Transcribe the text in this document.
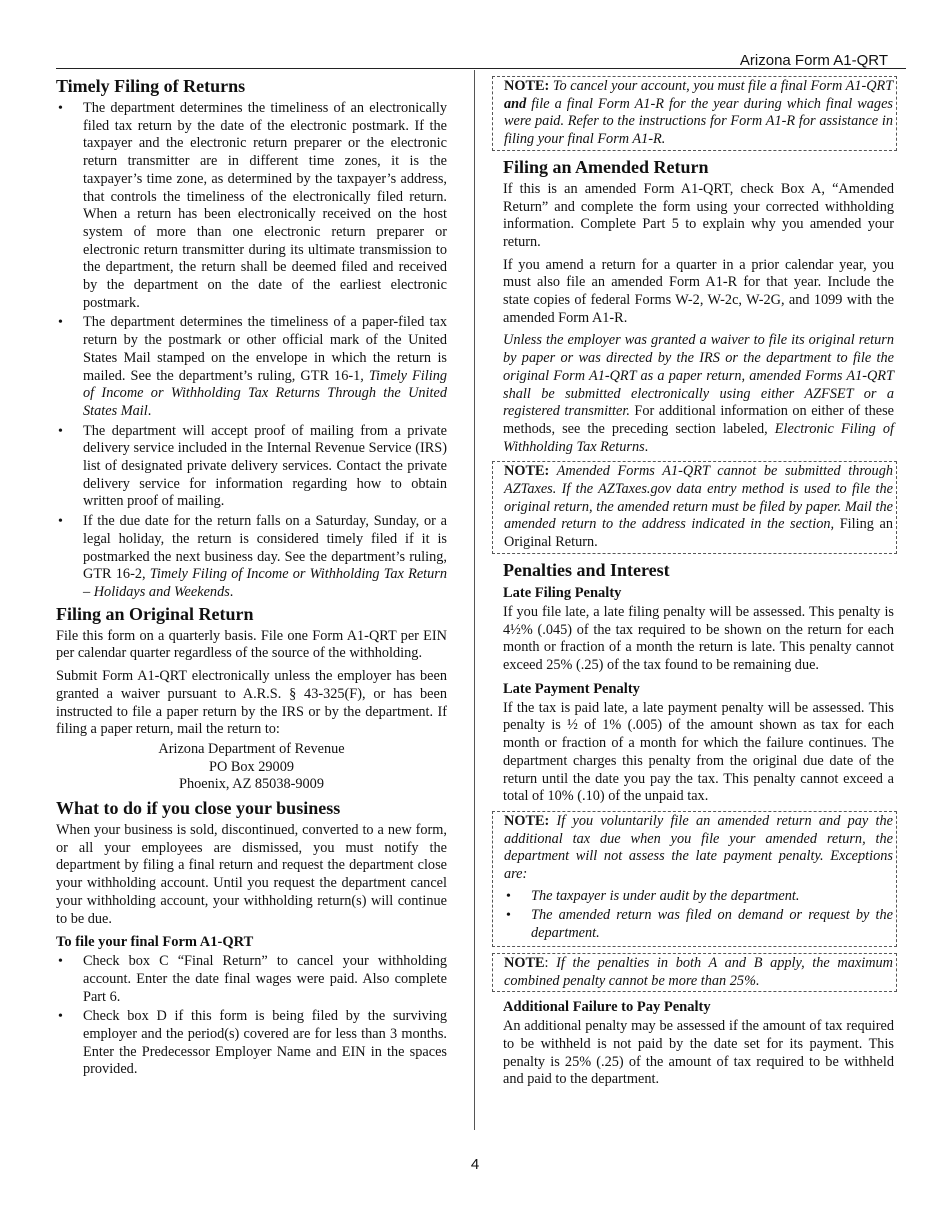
Arizona Form A1-QRT
Timely Filing of Returns
• The department determines the timeliness of an electronically filed tax return by the date of the electronic postmark. If the taxpayer and the electronic return preparer or the electronic return transmitter are in different time zones, it is the taxpayer’s time zone, as determined by the taxpayer’s address, that controls the timeliness of the electronically filed return. When a return has been electronically received on the host system of more than one electronic return preparer or electronic return transmitter during its ultimate transmission to the department, the return shall be deemed filed and received by the department on the date of the earliest electronic postmark.
• The department determines the timeliness of a paper-filed tax return by the postmark or other official mark of the United States Mail stamped on the envelope in which the return is mailed. See the department’s ruling, GTR 16-1, Timely Filing of Income or Withholding Tax Returns Through the United States Mail.
• The department will accept proof of mailing from a private delivery service included in the Internal Revenue Service (IRS) list of designated private delivery services. Contact the private delivery service for information regarding how to obtain written proof of mailing.
• If the due date for the return falls on a Saturday, Sunday, or a legal holiday, the return is considered timely filed if it is postmarked the next business day. See the department’s ruling, GTR 16-2, Timely Filing of Income or Withholding Tax Return – Holidays and Weekends.
Filing an Original Return

File this form on a quarterly basis. File one Form A1-QRT per EIN per calendar quarter regardless of the source of the withholding.

Submit Form A1-QRT electronically unless the employer has been granted a waiver pursuant to A.R.S. § 43-325(F), or has been instructed to file a paper return by the IRS or by the department. If filing a paper return, mail the return to:

Arizona Department of Revenue
PO Box 29009
Phoenix, AZ 85038-9009
What to do if you close your business

When your business is sold, discontinued, converted to a new form, or all your employees are dismissed, you must notify the department by filing a final return and request the department close your withholding account. Until you request the department cancel your withholding account, your withholding return(s) will continue to be due.

To file your final Form A1-QRT
• Check box C “Final Return” to cancel your withholding account. Enter the date final wages were paid. Also complete Part 6.
• Check box D if this form is being filed by the surviving employer and the period(s) covered are for less than 3 months. Enter the Predecessor Employer Name and EIN in the spaces provided.

NOTE: To cancel your account, you must file a final Form A1-QRT and file a final Form A1-R for the year during which final wages were paid. Refer to the instructions for Form A1-R for assistance in filing your final Form A1-R.

Filing an Amended Return

If this is an amended Form A1-QRT, check Box A, “Amended Return” and complete the form using your corrected withholding information. Complete Part 5 to explain why you amended your return.

If you amend a return for a quarter in a prior calendar year, you must also file an amended Form A1-R for that year. Include the state copies of federal Forms W-2, W-2c, W-2G, and 1099 with the amended Form A1-R.

Unless the employer was granted a waiver to file its original return by paper or was directed by the IRS or the department to file the original Form A1-QRT as a paper return, amended Forms A1-QRT shall be submitted electronically using either AZFSET or a registered transmitter. For additional information on either of these methods, see the preceding section labeled, Electronic Filing of Withholding Tax Returns.

NOTE: Amended Forms A1-QRT cannot be submitted through AZTaxes. If the AZTaxes.gov data entry method is used to file the original return, the amended return must be filed by paper. Mail the amended return to the address indicated in the section, Filing an Original Return.

Penalties and Interest
Late Filing Penalty

If you file late, a late filing penalty will be assessed. This penalty is 4½% (.045) of the tax required to be shown on the return for each month or fraction of a month the return is late. This penalty cannot exceed 25% (.25) of the tax found to be remaining due.

Late Payment Penalty

If the tax is paid late, a late payment penalty will be assessed. This penalty is ½ of 1% (.005) of the amount shown as tax for each month or fraction of a month for which the failure continues. The department charges this penalty from the original due date of the return until the date you pay the tax. This penalty cannot exceed a total of 10% (.10) of the unpaid tax.

NOTE: If you voluntarily file an amended return and pay the additional tax due when you file your amended return, the department will not assess the late payment penalty. Exceptions are:

• The taxpayer is under audit by the department.
• The amended return was filed on demand or request by the department.

NOTE: If the penalties in both A and B apply, the maximum combined penalty cannot be more than 25%.

Additional Failure to Pay Penalty

An additional penalty may be assessed if the amount of tax required to be withheld is not paid by the date set for its payment. This penalty is 25% (.25) of the amount of tax required to be withheld and paid to the department.

4
